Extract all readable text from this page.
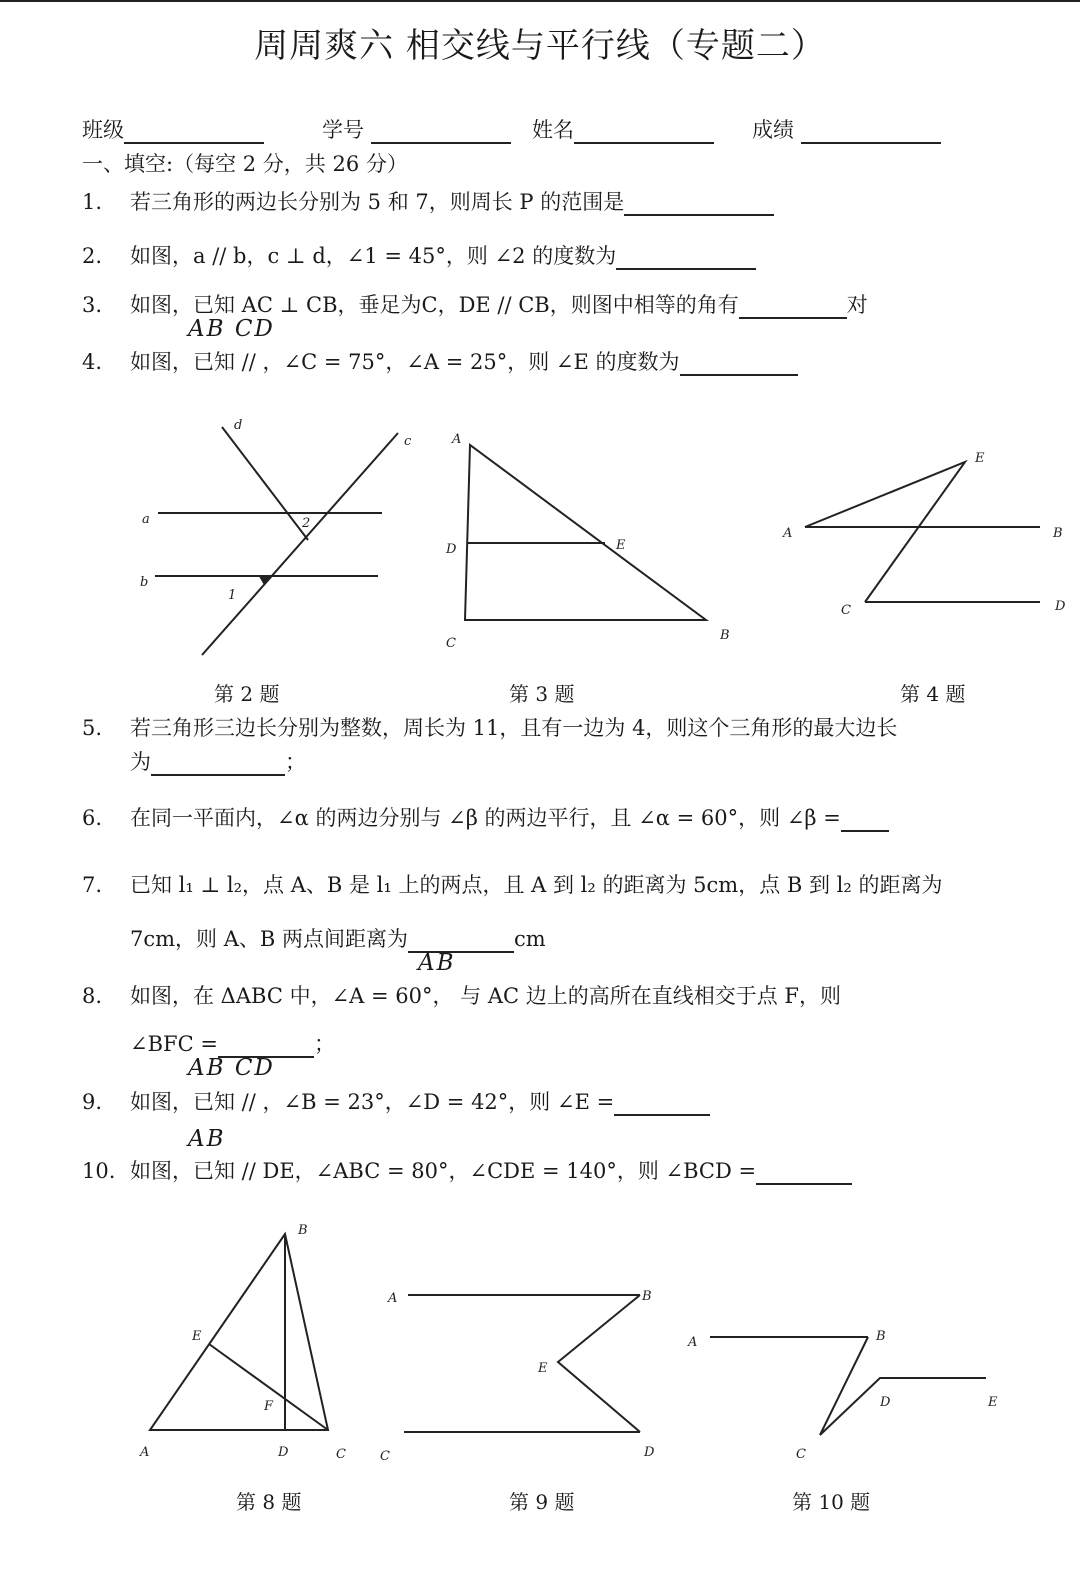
周周爽六 相交线与平行线（专题二）
班级	学号	姓名	成绩
一、填空:（每空 2 分，共 26 分）
1. 若三角形的两边长分别为 5 和 7，则周长 P 的范围是
2. 如图，a // b，c ⊥ d，∠1 = 45°，则 ∠2 的度数为
3. 如图，已知 AC ⊥ CB，垂足为C，DE // CB，则图中相等的角有	对
AB CD
4. 如图，已知 // ，∠C = 75°，∠A = 25°，则 ∠E 的度数为
d
c
a
b
1
2
A
D	E
C
B
E
A	B
C	D
第 2 题	第 3 题	第 4 题
5. 若三角形三边长分别为整数，周长为 11，且有一边为 4，则这个三角形的最大边长
为	；
6. 在同一平面内，∠α 的两边分别与 ∠β 的两边平行，且 ∠α = 60°，则 ∠β =
7. 已知 l₁ ⊥ l₂，点 A、B 是 l₁ 上的两点，且 A 到 l₂ 的距离为 5cm，点 B 到 l₂ 的距离为
7cm，则 A、B 两点间距离为	cm
AB
8. 如图，在 ΔABC 中，∠A = 60°， 与 AC 边上的高所在直线相交于点 F，则
∠BFC =	；
AB CD
9. 如图，已知 // ，∠B = 23°，∠D = 42°，则 ∠E =
AB
10. 如图，已知 // DE，∠ABC = 80°，∠CDE = 140°，则 ∠BCD =
B
E
F
A	D	C
A	B
E
C	D
A	B
D	E
C
第 8 题	第 9 题	第 10 题
